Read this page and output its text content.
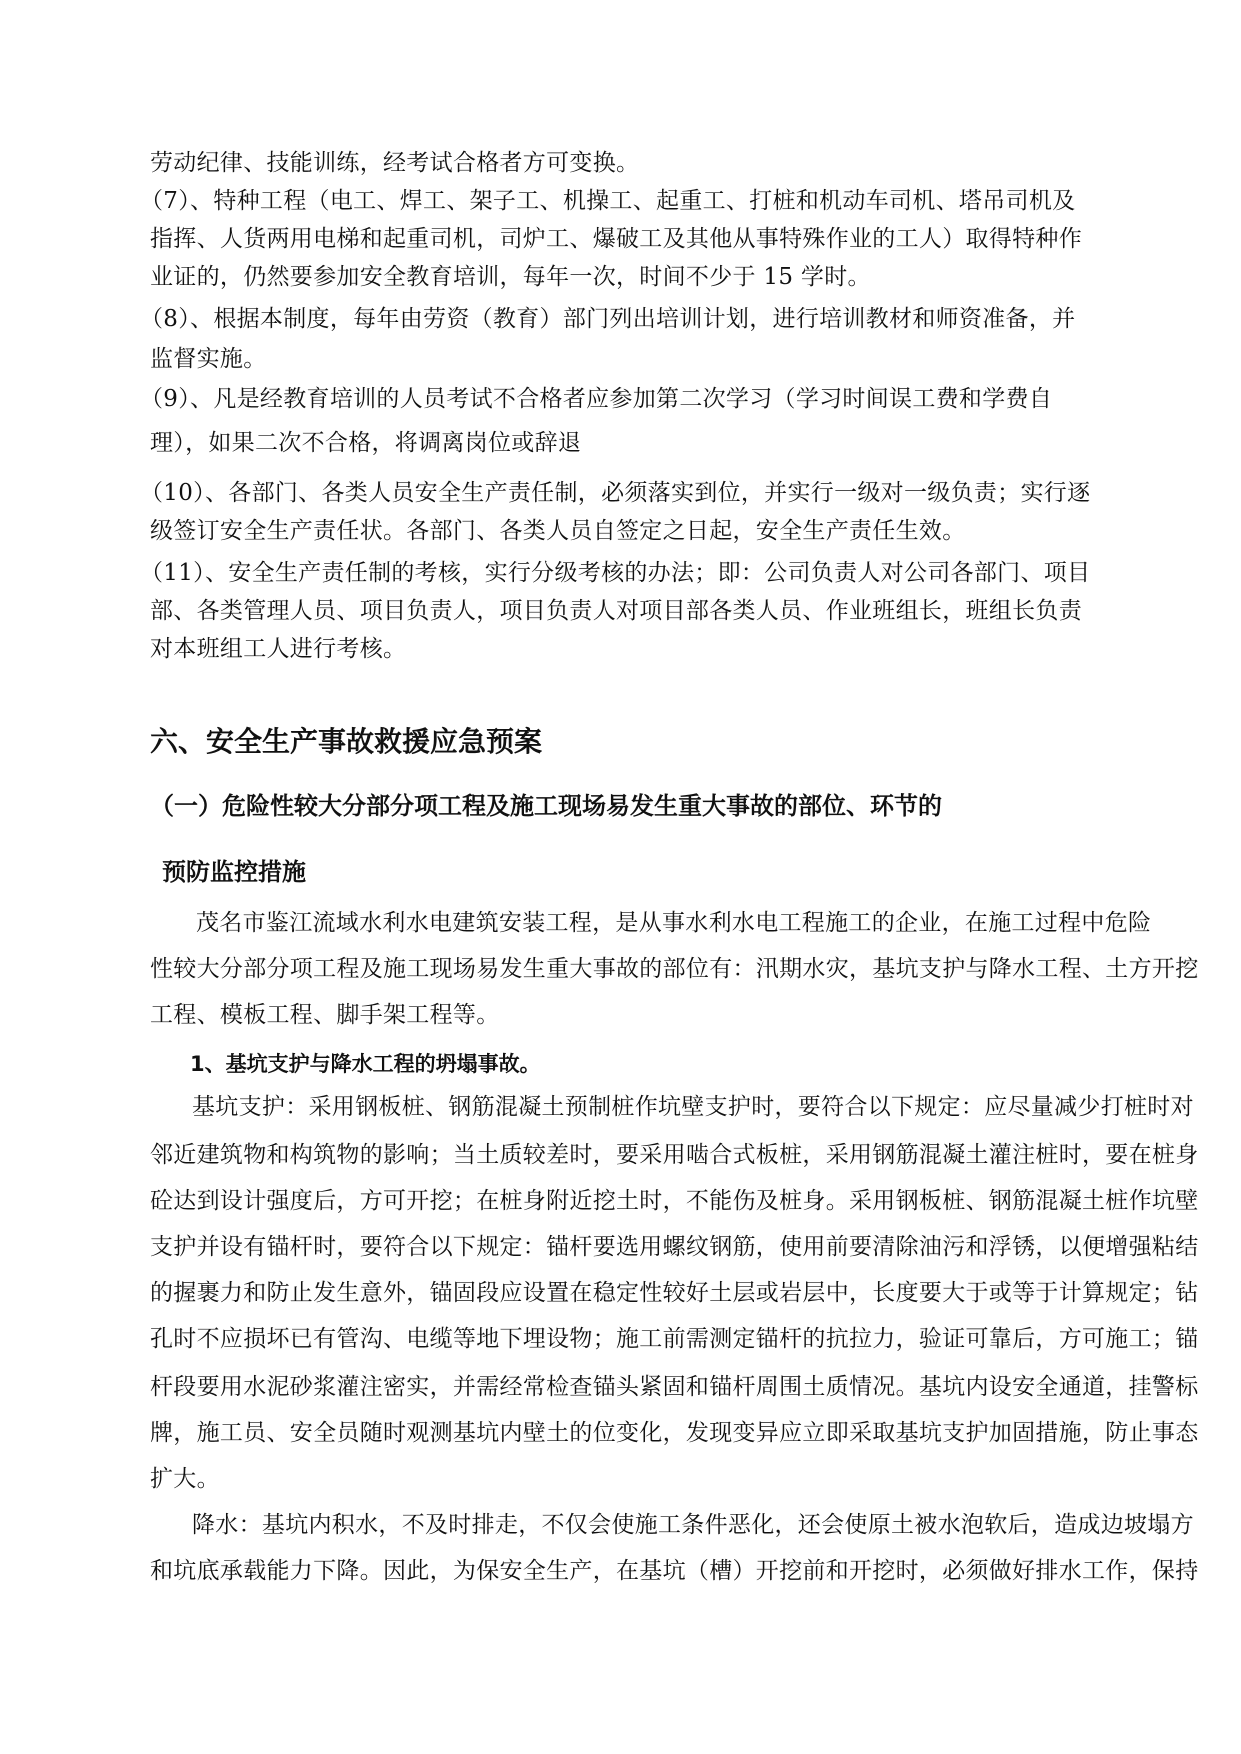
劳动纪律、技能训练，经考试合格者方可变换。
（7）、特种工程（电工、焊工、架子工、机操工、起重工、打桩和机动车司机、塔吊司机及
指挥、人货两用电梯和起重司机，司炉工、爆破工及其他从事特殊作业的工人）取得特种作
业证的，仍然要参加安全教育培训，每年一次，时间不少于 15 学时。
（8）、根据本制度，每年由劳资（教育）部门列出培训计划，进行培训教材和师资准备，并
监督实施。
（9）、凡是经教育培训的人员考试不合格者应参加第二次学习（学习时间误工费和学费自
理），如果二次不合格，将调离岗位或辞退
（10）、各部门、各类人员安全生产责任制，必须落实到位，并实行一级对一级负责；实行逐
级签订安全生产责任状。各部门、各类人员自签定之日起，安全生产责任生效。
（11）、安全生产责任制的考核，实行分级考核的办法；即：公司负责人对公司各部门、项目
部、各类管理人员、项目负责人，项目负责人对项目部各类人员、作业班组长，班组长负责
对本班组工人进行考核。
六、安全生产事故救援应急预案
（一）危险性较大分部分项工程及施工现场易发生重大事故的部位、环节的
预防监控措施
茂名市鉴江流域水利水电建筑安装工程，是从事水利水电工程施工的企业，在施工过程中危险
性较大分部分项工程及施工现场易发生重大事故的部位有：汛期水灾，基坑支护与降水工程、土方开挖
工程、模板工程、脚手架工程等。
1、基坑支护与降水工程的坍塌事故。
基坑支护：采用钢板桩、钢筋混凝土预制桩作坑壁支护时，要符合以下规定：应尽量减少打桩时对
邻近建筑物和构筑物的影响；当土质较差时，要采用啮合式板桩，采用钢筋混凝土灌注桩时，要在桩身
砼达到设计强度后，方可开挖；在桩身附近挖土时，不能伤及桩身。采用钢板桩、钢筋混凝土桩作坑壁
支护并设有锚杆时，要符合以下规定：锚杆要选用螺纹钢筋，使用前要清除油污和浮锈，以便增强粘结
的握裹力和防止发生意外，锚固段应设置在稳定性较好土层或岩层中，长度要大于或等于计算规定；钻
孔时不应损坏已有管沟、电缆等地下埋设物；施工前需测定锚杆的抗拉力，验证可靠后，方可施工；锚
杆段要用水泥砂浆灌注密实，并需经常检查锚头紧固和锚杆周围土质情况。基坑内设安全通道，挂警标
牌，施工员、安全员随时观测基坑内壁土的位变化，发现变异应立即采取基坑支护加固措施，防止事态
扩大。
降水：基坑内积水，不及时排走，不仅会使施工条件恶化，还会使原土被水泡软后，造成边坡塌方
和坑底承载能力下降。因此，为保安全生产，在基坑（槽）开挖前和开挖时，必须做好排水工作，保持
